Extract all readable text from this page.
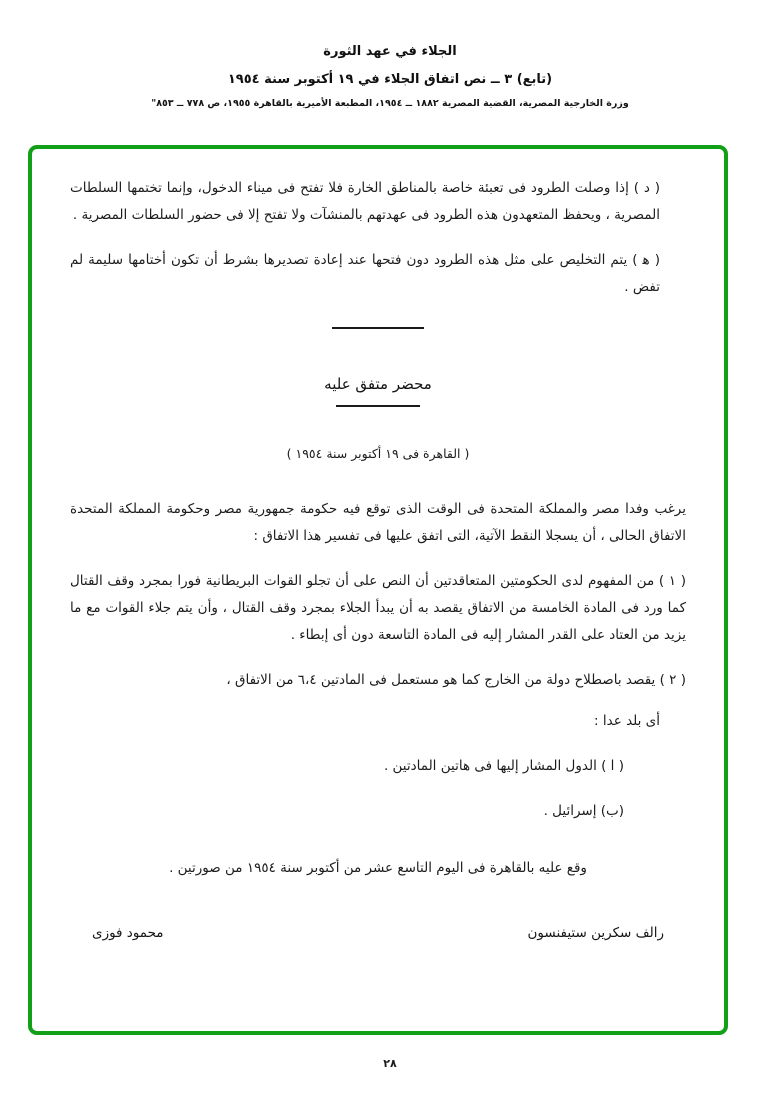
الجلاء في عهد الثورة
(تابع) ٣ ــ نص اتفاق الجلاء في ١٩ أكتوبر سنة ١٩٥٤
وزرة الخارجية المصرية، القضية المصرية ١٨٨٢ ــ ١٩٥٤، المطبعة الأميرية بالقاهرة ١٩٥٥، ص ٧٧٨ ــ ٨٥٣"

( د ) إذا وصلت الطرود فى تعبئة خاصة بالمناطق الخارة فلا تفتح فى ميناء الدخول، وإنما تختمها السلطات المصرية ، ويحفظ المتعهدون هذه الطرود فى عهدتهم بالمنشآت ولا تفتح إلا فى حضور السلطات المصرية .

( ﻫ ) يتم التخليص على مثل هذه الطرود دون فتحها عند إعادة تصديرها بشرط أن تكون أختامها سليمة لم تفض .

محضر متفق عليه
( القاهرة فى ١٩ أكتوبر سنة ١٩٥٤ )

يرغب وفدا مصر والمملكة المتحدة فى الوقت الذى توقع فيه حكومة جمهورية مصر وحكومة المملكة المتحدة الاتفاق الحالى ، أن يسجلا النقط الآتية، التى اتفق عليها فى تفسير هذا الاتفاق :

( ١ ) من المفهوم لدى الحكومتين المتعاقدتين أن النص على أن تجلو القوات البريطانية فورا بمجرد وقف القتال كما ورد فى المادة الخامسة من الاتفاق يقصد به أن يبدأ الجلاء بمجرد وقف القتال ، وأن يتم جلاء القوات مع ما يزيد من العتاد على القدر المشار إليه فى المادة التاسعة دون أى إبطاء .

( ٢ ) يقصد باصطلاح دولة من الخارج كما هو مستعمل فى المادتين ٦،٤ من الاتفاق ،

أى بلد عدا :

( ا ) الدول المشار إليها فى هاتين المادتين .

(ب) إسرائيل .

وقع عليه بالقاهرة فى اليوم التاسع عشر من أكتوبر سنة ١٩٥٤ من صورتين .

رالف سكرين ستيفنسون
محمود فوزى
٢٨
